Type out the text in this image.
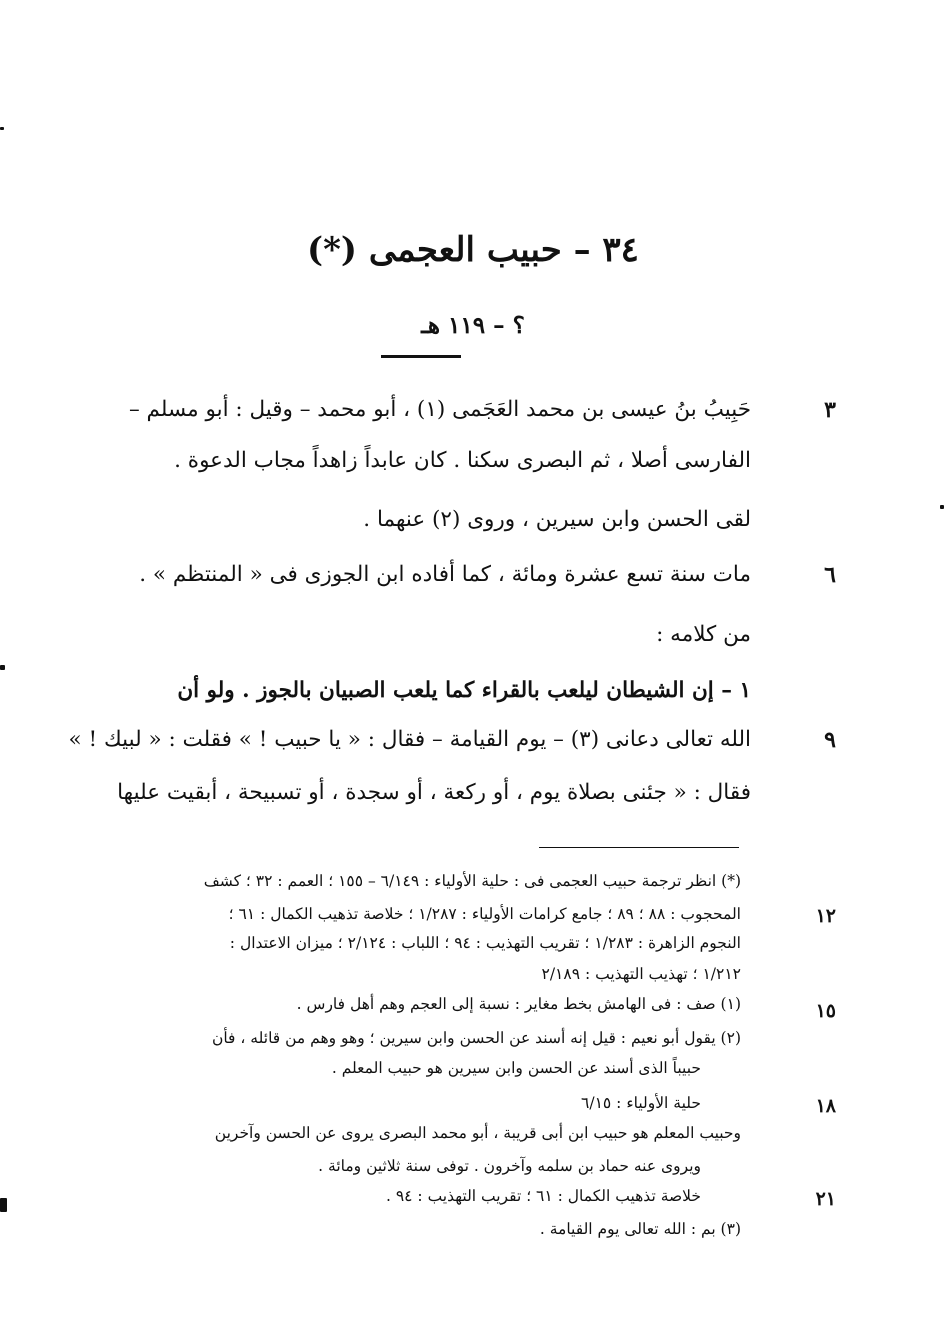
٣٤ – حبيب العجمى (*)
؟ – ١١٩ هـ
حَبِيبُ بنُ عيسى بن محمد العَجَمى (١) ، أبو محمد – وقيل : أبو مسلم –
الفارسى أصلا ، ثم البصرى سكنا . كان عابداً زاهداً مجاب الدعوة .
لقى الحسن وابن سيرين ، وروى (٢) عنهما .
مات سنة تسع عشرة ومائة ، كما أفاده ابن الجوزى فى « المنتظم » .
من كلامه :
١ – إن الشيطان ليلعب بالقراء كما يلعب الصبيان بالجوز . ولو أن
الله تعالى دعانى (٣) – يوم القيامة – فقال : « يا حبيب ! » فقلت : « لبيك ! »
فقال : « جئنى بصلاة يوم ، أو ركعة ، أو سجدة ، أو تسبيحة ، أبقيت عليها
٣
٦
٩
(*) انظر ترجمة حبيب العجمى فى : حلية الأولياء : ٦/١٤٩ – ١٥٥ ؛ العمم : ٣٢ ؛ كشف
المحجوب : ٨٨ ؛ ٨٩ ؛ جامع كرامات الأولياء : ١/٢٨٧ ؛ خلاصة تذهيب الكمال : ٦١ ؛
النجوم الزاهرة : ١/٢٨٣ ؛ تقريب التهذيب : ٩٤ ؛ اللباب : ٢/١٢٤ ؛ ميزان الاعتدال :
١/٢١٢ ؛ تهذيب التهذيب : ٢/١٨٩
(١) صف : فى الهامش بخط مغاير : نسبة إلى العجم وهم أهل فارس .
(٢) يقول أبو نعيم : قيل إنه أسند عن الحسن وابن سيرين ؛ وهو وهم من قائله ، فأن
حبيباً الذى أسند عن الحسن وابن سيرين هو حبيب المعلم .
حلية الأولياء : ٦/١٥
وحبيب المعلم هو حبيب ابن أبى قريبة ، أبو محمد البصرى يروى عن الحسن وآخرين
ويروى عنه حماد بن سلمه وآخرون . توفى سنة ثلاثين ومائة .
خلاصة تذهيب الكمال : ٦١ ؛ تقريب التهذيب : ٩٤ .
(٣) بم : الله تعالى يوم القيامة .
١٢
١٥
١٨
٢١
